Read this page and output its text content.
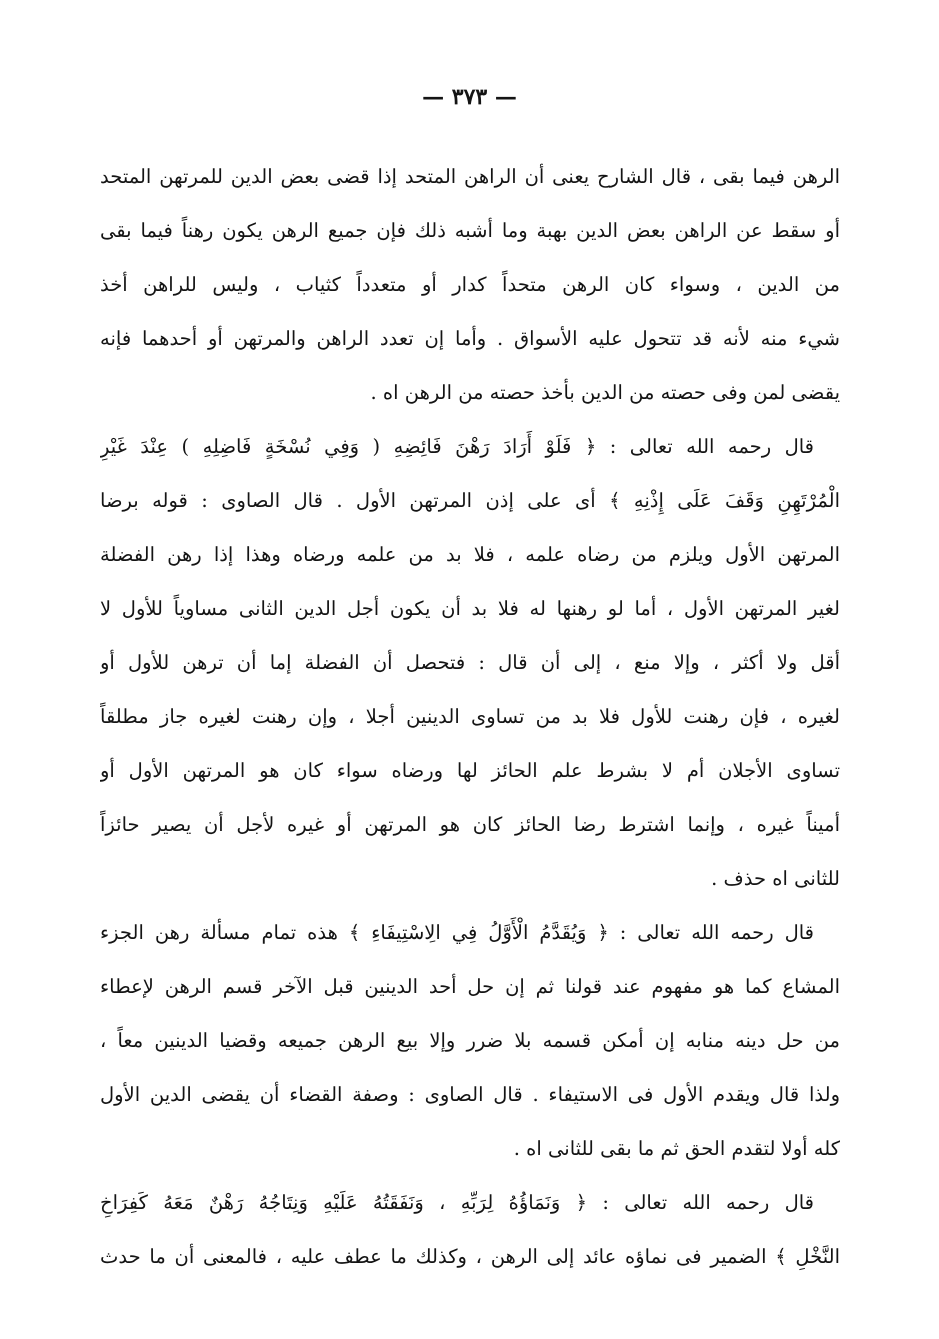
— ٣٧٣ —
الرهن فيما بقى ، قال الشارح يعنى أن الراهن المتحد إذا قضى بعض الدين للمرتهن المتحد
أو سقط عن الراهن بعض الدين بهبة وما أشبه ذلك فإن جميع الرهن يكون رهناً فيما بقى
من الدين ، وسواء كان الرهن متحداً كدار أو متعدداً كثياب ، وليس للراهن أخذ
شيء منه لأنه قد تتحول عليه الأسواق . وأما إن تعدد الراهن والمرتهن أو أحدهما فإنه
يقضى لمن وفى حصته من الدين بأخذ حصته من الرهن اه .
قال رحمه الله تعالى : ﴿ فَلَوْ أَرَادَ رَهْنَ فَائِضِهِ ( وَفِي نُسْخَةٍ فَاضِلِهِ ) عِنْدَ غَيْرِ
الْمُرْتَهِنِ وَقَفَ عَلَى إِذْنِهِ ﴾ أى على إذن المرتهن الأول . قال الصاوى : قوله برضا
المرتهن الأول ويلزم من رضاه علمه ، فلا بد من علمه ورضاه وهذا إذا رهن الفضلة
لغير المرتهن الأول ، أما لو رهنها له فلا بد أن يكون أجل الدين الثانى مساوياً للأول لا
أقل ولا أكثر ، وإلا منع ، إلى أن قال : فتحصل أن الفضلة إما أن ترهن للأول أو
لغيره ، فإن رهنت للأول فلا بد من تساوى الدينين أجلا ، وإن رهنت لغيره جاز مطلقاً
تساوى الأجلان أم لا بشرط علم الحائز لها ورضاه سواء كان هو المرتهن الأول أو
أميناً غيره ، وإنما اشترط رضا الحائز كان هو المرتهن أو غيره لأجل أن يصير حائزاً
للثانى اه حذف .
قال رحمه الله تعالى : ﴿ وَيُقَدَّمُ الْأَوَّلُ فِي الِاسْتِيفَاءِ ﴾ هذه تمام مسألة رهن الجزء
المشاع كما هو مفهوم عند قولنا ثم إن حل أحد الدينين قبل الآخر قسم الرهن لإعطاء
من حل دينه منابه إن أمكن قسمه بلا ضرر وإلا بيع الرهن جميعه وقضيا الدينين معاً ،
ولذا قال ويقدم الأول فى الاستيفاء . قال الصاوى : وصفة القضاء أن يقضى الدين الأول
كله أولا لتقدم الحق ثم ما بقى للثانى اه .
قال رحمه الله تعالى : ﴿ وَنَمَاؤُهُ لِرَبِّهِ ، وَنَفَقَتُهُ عَلَيْهِ وَنِتَاجُهُ رَهْنٌ مَعَهُ كَفِرَاخِ
النَّخْلِ ﴾ الضمير فى نماؤه عائد إلى الرهن ، وكذلك ما عطف عليه ، فالمعنى أن ما حدث
